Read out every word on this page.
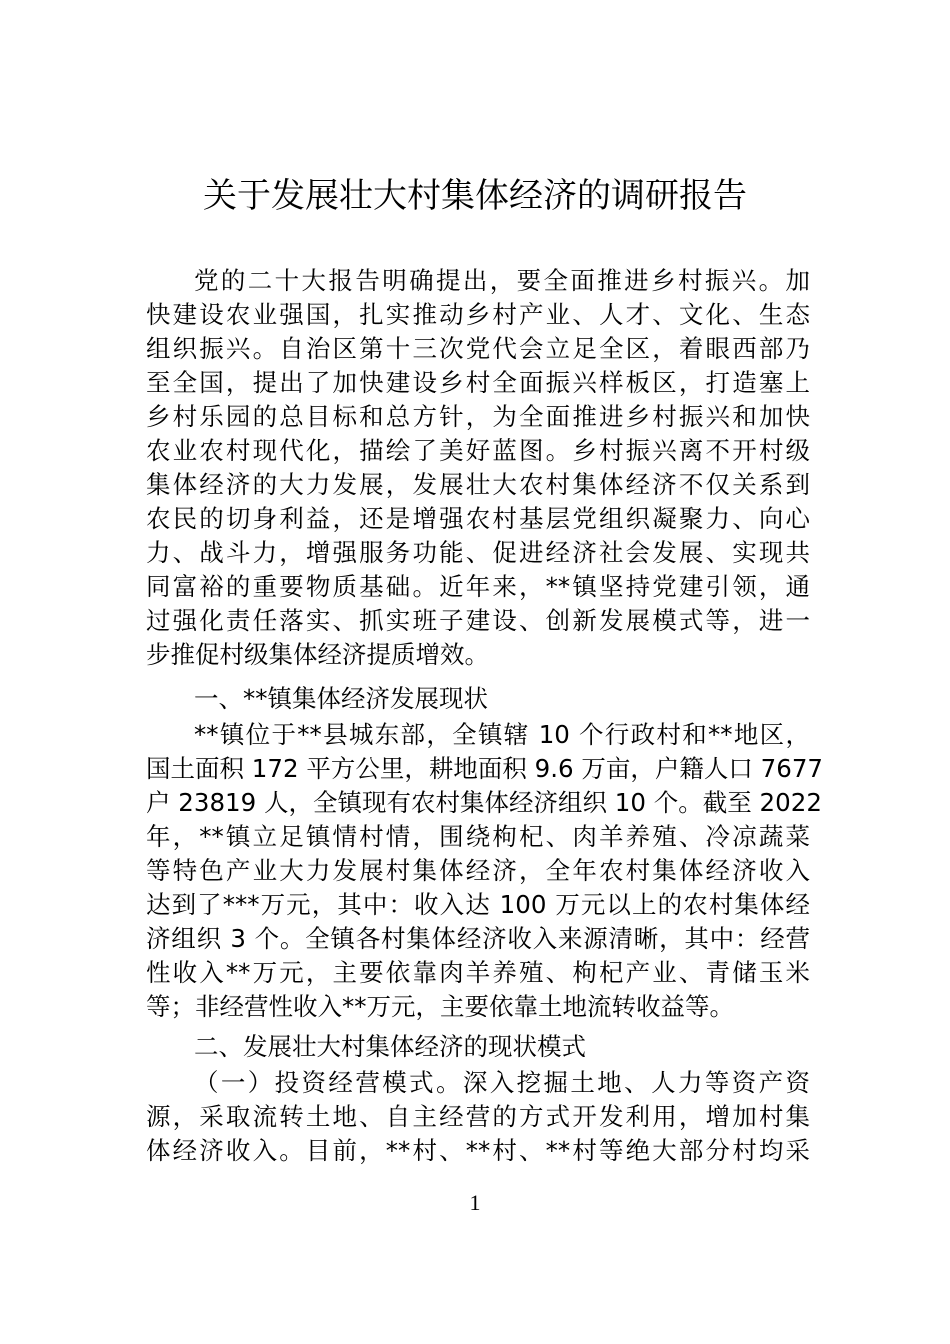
关于发展壮大村集体经济的调研报告
党的二十大报告明确提出，要全面推进乡村振兴。加
快建设农业强国，扎实推动乡村产业、人才、文化、生态
组织振兴。自治区第十三次党代会立足全区，着眼西部乃
至全国，提出了加快建设乡村全面振兴样板区，打造塞上
乡村乐园的总目标和总方针，为全面推进乡村振兴和加快
农业农村现代化，描绘了美好蓝图。乡村振兴离不开村级
集体经济的大力发展，发展壮大农村集体经济不仅关系到
农民的切身利益，还是增强农村基层党组织凝聚力、向心
力、战斗力，增强服务功能、促进经济社会发展、实现共
同富裕的重要物质基础。近年来，**镇坚持党建引领，通
过强化责任落实、抓实班子建设、创新发展模式等，进一
步推促村级集体经济提质增效。
一、**镇集体经济发展现状
**镇位于**县城东部，全镇辖 10 个行政村和**地区，
国土面积 172 平方公里，耕地面积 9.6 万亩，户籍人口 7677
户 23819 人，全镇现有农村集体经济组织 10 个。截至 2022
年，**镇立足镇情村情，围绕枸杞、肉羊养殖、冷凉蔬菜
等特色产业大力发展村集体经济，全年农村集体经济收入
达到了***万元，其中：收入达 100 万元以上的农村集体经
济组织 3 个。全镇各村集体经济收入来源清晰，其中：经营
性收入**万元，主要依靠肉羊养殖、枸杞产业、青储玉米
等；非经营性收入**万元，主要依靠土地流转收益等。
二、发展壮大村集体经济的现状模式
（一）投资经营模式。深入挖掘土地、人力等资产资
源，采取流转土地、自主经营的方式开发利用，增加村集
体经济收入。目前，**村、**村、**村等绝大部分村均采
1
